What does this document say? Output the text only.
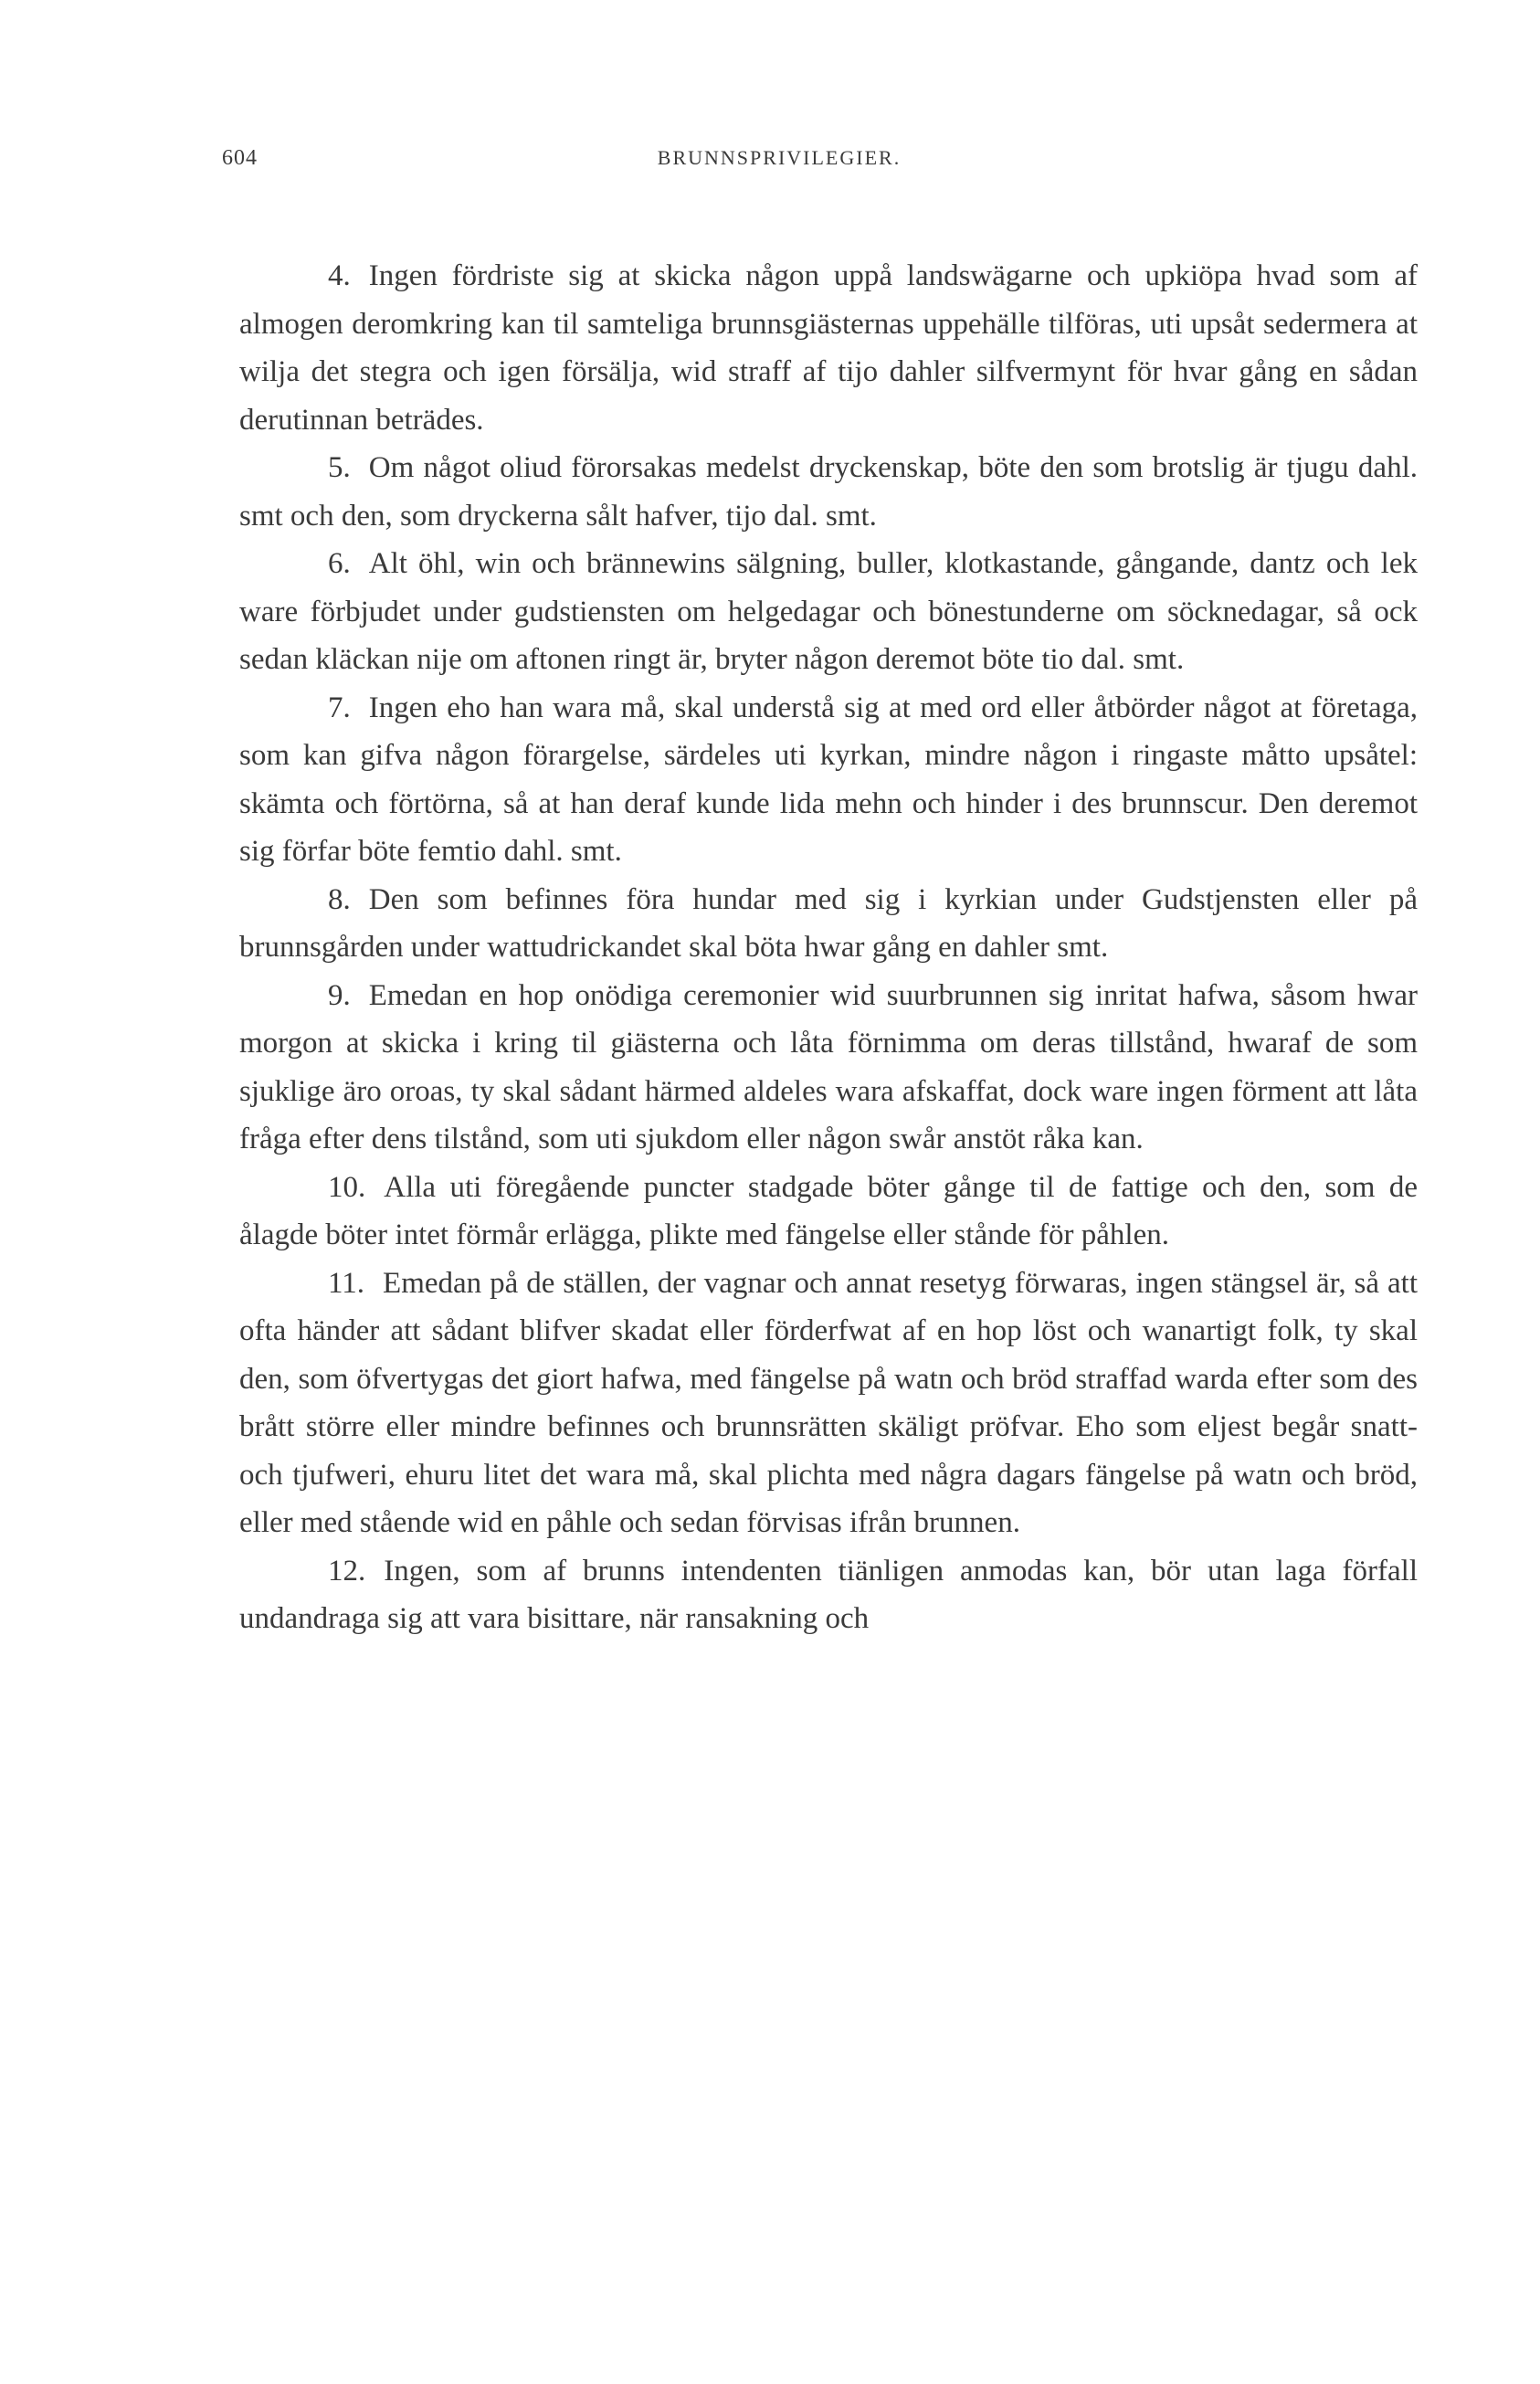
604	BRUNNSPRIVILEGIER.

4. Ingen fördriste sig at skicka någon uppå landswägarne och upkiöpa hvad som af almogen deromkring kan til samteliga brunnsgiästernas uppehälle tilföras, uti upsåt sedermera at wilja det stegra och igen försälja, wid straff af tijo dahler silfvermynt för hvar gång en sådan derutinnan beträdes.

5. Om något oliud förorsakas medelst dryckenskap, böte den som brotslig är tjugu dahl. smt och den, som dryckerna sålt hafver, tijo dal. smt.

6. Alt öhl, win och brännewins sälgning, buller, klotkastande, gångande, dantz och lek ware förbjudet under gudstiensten om helgedagar och bönestunderne om söcknedagar, så ock sedan kläckan nije om aftonen ringt är, bryter någon deremot böte tio dal. smt.

7. Ingen eho han wara må, skal understå sig at med ord eller åtbörder något at företaga, som kan gifva någon förargelse, särdeles uti kyrkan, mindre någon i ringaste måtto upsåtel: skämta och förtörna, så at han deraf kunde lida mehn och hinder i des brunnscur. Den deremot sig förfar böte femtio dahl. smt.

8. Den som befinnes föra hundar med sig i kyrkian under Gudstjensten eller på brunnsgården under wattudrickandet skal böta hwar gång en dahler smt.

9. Emedan en hop onödiga ceremonier wid suurbrunnen sig inritat hafwa, såsom hwar morgon at skicka i kring til giästerna och låta förnimma om deras tillstånd, hwaraf de som sjuklige äro oroas, ty skal sådant härmed aldeles wara afskaffat, dock ware ingen förment att låta fråga efter dens tilstånd, som uti sjukdom eller någon swår anstöt råka kan.

10. Alla uti föregående puncter stadgade böter gånge til de fattige och den, som de ålagde böter intet förmår erlägga, plikte med fängelse eller stånde för påhlen.

11. Emedan på de ställen, der vagnar och annat resetyg förwaras, ingen stängsel är, så att ofta händer att sådant blifver skadat eller förderfwat af en hop löst och wanartigt folk, ty skal den, som öfvertygas det giort hafwa, med fängelse på watn och bröd straffad warda efter som des brått större eller mindre befinnes och brunnsrätten skäligt pröfvar. Eho som eljest begår snatt- och tjufweri, ehuru litet det wara må, skal plichta med några dagars fängelse på watn och bröd, eller med stående wid en påhle och sedan förvisas ifrån brunnen.

12. Ingen, som af brunns intendenten tiänligen anmodas kan, bör utan laga förfall undandraga sig att vara bisittare, när ransakning och
